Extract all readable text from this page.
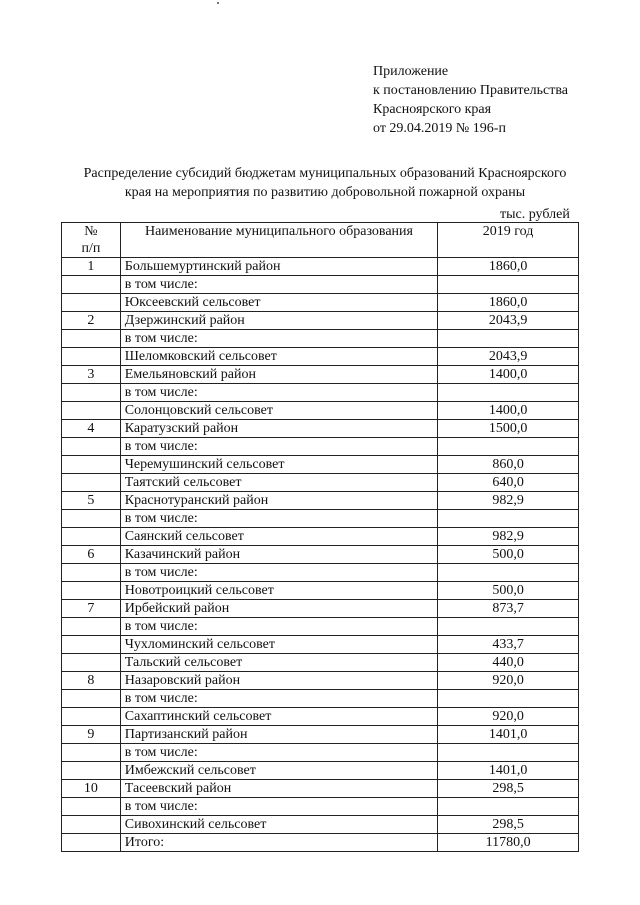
Приложение
к постановлению Правительства
Красноярского края
от 29.04.2019 № 196-п
Распределение субсидий бюджетам муниципальных образований Красноярского
края на мероприятия по развитию добровольной пожарной охраны
тыс. рублей
№
п/п	Наименование муниципального образования	2019 год
1	Большемуртинский район	1860,0
	в том числе:	
	Юксеевский сельсовет	1860,0
2	Дзержинский район	2043,9
	в том числе:	
	Шеломковский сельсовет	2043,9
3	Емельяновский район	1400,0
	в том числе:	
	Солонцовский сельсовет	1400,0
4	Каратузский район	1500,0
	в том числе:	
	Черемушинский сельсовет	860,0
	Таятский сельсовет	640,0
5	Краснотуранский район	982,9
	в том числе:	
	Саянский сельсовет	982,9
6	Казачинский район	500,0
	в том числе:	
	Новотроицкий сельсовет	500,0
7	Ирбейский район	873,7
	в том числе:	
	Чухломинский сельсовет	433,7
	Тальский сельсовет	440,0
8	Назаровский район	920,0
	в том числе:	
	Сахаптинский сельсовет	920,0
9	Партизанский район	1401,0
	в том числе:	
	Имбежский сельсовет	1401,0
10	Тасеевский район	298,5
	в том числе:	
	Сивохинский сельсовет	298,5
	Итого:	11780,0
